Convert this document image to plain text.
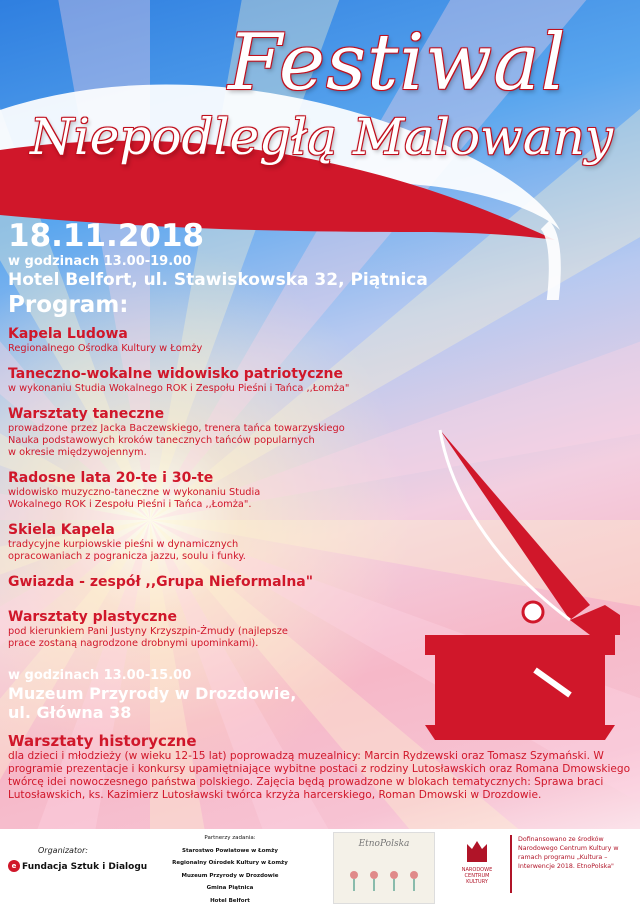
Festiwal
Niepodległą Malowany
18.11.2018
w godzinach 13.00-19.00
Hotel Belfort, ul. Stawiskowska 32, Piątnica
Program:
Kapela Ludowa
Regionalnego Ośrodka Kultury w Łomży
Taneczno-wokalne widowisko patriotyczne
w wykonaniu Studia Wokalnego ROK i Zespołu Pieśni i Tańca ,,Łomża"
Warsztaty taneczne
prowadzone przez Jacka Baczewskiego, trenera tańca towarzyskiego
Nauka podstawowych kroków tanecznych tańców popularnych
w okresie międzywojennym.
Radosne lata 20-te i 30-te
widowisko muzyczno-taneczne w wykonaniu Studia
Wokalnego ROK i Zespołu Pieśni i Tańca ,,Łomża".
Skiela Kapela
tradycyjne kurpiowskie pieśni w dynamicznych
opracowaniach z pogranicza jazzu, soulu i funky.
Gwiazda - zespół ,,Grupa Nieformalna"
Warsztaty plastyczne
pod kierunkiem Pani Justyny Krzyszpin-Żmudy (najlepsze
prace zostaną nagrodzone drobnymi upominkami).
w godzinach 13.00-15.00
Muzeum Przyrody w Drozdowie,
ul. Główna 38
Warsztaty historyczne
dla dzieci i młodzieży (w wieku 12-15 lat) poprowadzą muzealnicy: Marcin Rydzewski oraz Tomasz Szymański. W programie prezentacje i konkursy upamiętniające wybitne postaci z rodziny Lutosławskich oraz Romana Dmowskiego twórcę idei nowoczesnego państwa polskiego. Zajęcia będą prowadzone w blokach tematycznych: Sprawa braci Lutosławskich, ks. Kazimierz Lutosławski twórca krzyża harcerskiego, Roman Dmowski w Drozdowie.
Organizator:
e Fundacja Sztuk i Dialogu
Partnerzy zadania:
Starostwo Powiatowe w Łomży
Regionalny Ośrodek Kultury w Łomży
Muzeum Przyrody w Drozdowie
Gmina Piątnica
Hotel Belfort
EtnoPolska
NARODOWE
CENTRUM
KULTURY
Dofinansowano ze środków Narodowego Centrum Kultury w ramach programu „Kultura – Interwencje 2018. EtnoPolska"
